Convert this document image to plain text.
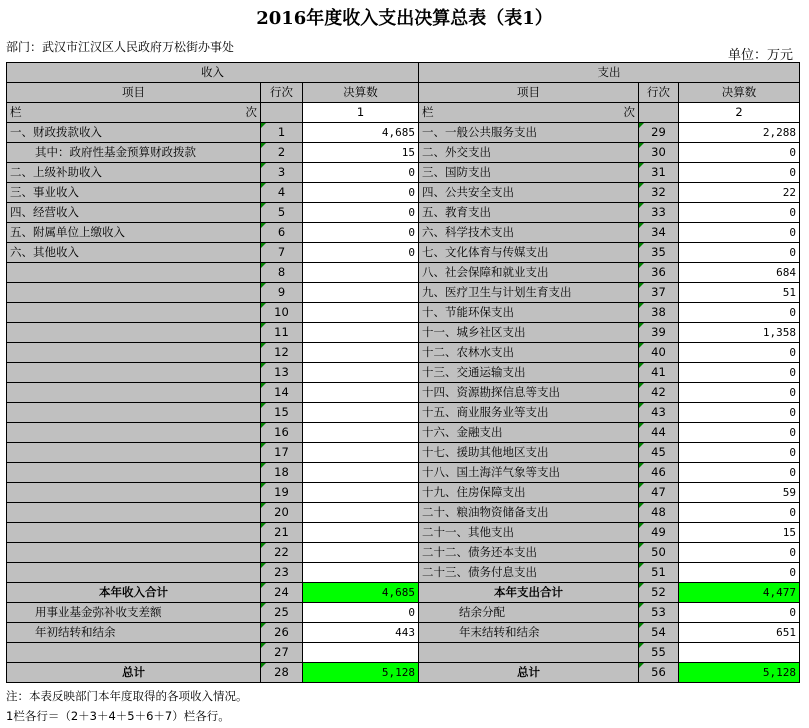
2016年度收入支出决算总表（表1）
部门：武汉市江汉区人民政府万松街办事处
单位：万元
收入			支出		
项目	行次	决算数	项目	行次	决算数

栏 次		1	栏 次		2
一、财政拨款收入	1	4,685	一、一般公共服务支出	29	2,288
其中：政府性基金预算财政拨款	2	15	二、外交支出	30	0
二、上级补助收入	3	0	三、国防支出	31	0
三、事业收入	4	0	四、公共安全支出	32	22
四、经营收入	5	0	五、教育支出	33	0
五、附属单位上缴收入	6	0	六、科学技术支出	34	0
六、其他收入	7	0	七、文化体育与传媒支出	35	0
	8		八、社会保障和就业支出	36	684
	9		九、医疗卫生与计划生育支出	37	51
	10		十、节能环保支出	38	0
	11		十一、城乡社区支出	39	1,358
	12		十二、农林水支出	40	0
	13		十三、交通运输支出	41	0
	14		十四、资源勘探信息等支出	42	0
	15		十五、商业服务业等支出	43	0
	16		十六、金融支出	44	0
	17		十七、援助其他地区支出	45	0
	18		十八、国土海洋气象等支出	46	0
	19		十九、住房保障支出	47	59
	20		二十、粮油物资储备支出	48	0
	21		二十一、其他支出	49	15
	22		二十二、债务还本支出	50	0
	23		二十三、债务付息支出	51	0
本年收入合计	24	4,685	本年支出合计	52	4,477
用事业基金弥补收支差额	25	0	结余分配	53	0
年初结转和结余	26	443	年末结转和结余	54	651
	27			55	
总计	28	5,128	总计	56	5,128
注：本表反映部门本年度取得的各项收入情况。
1栏各行＝（2＋3＋4＋5＋6＋7）栏各行。
